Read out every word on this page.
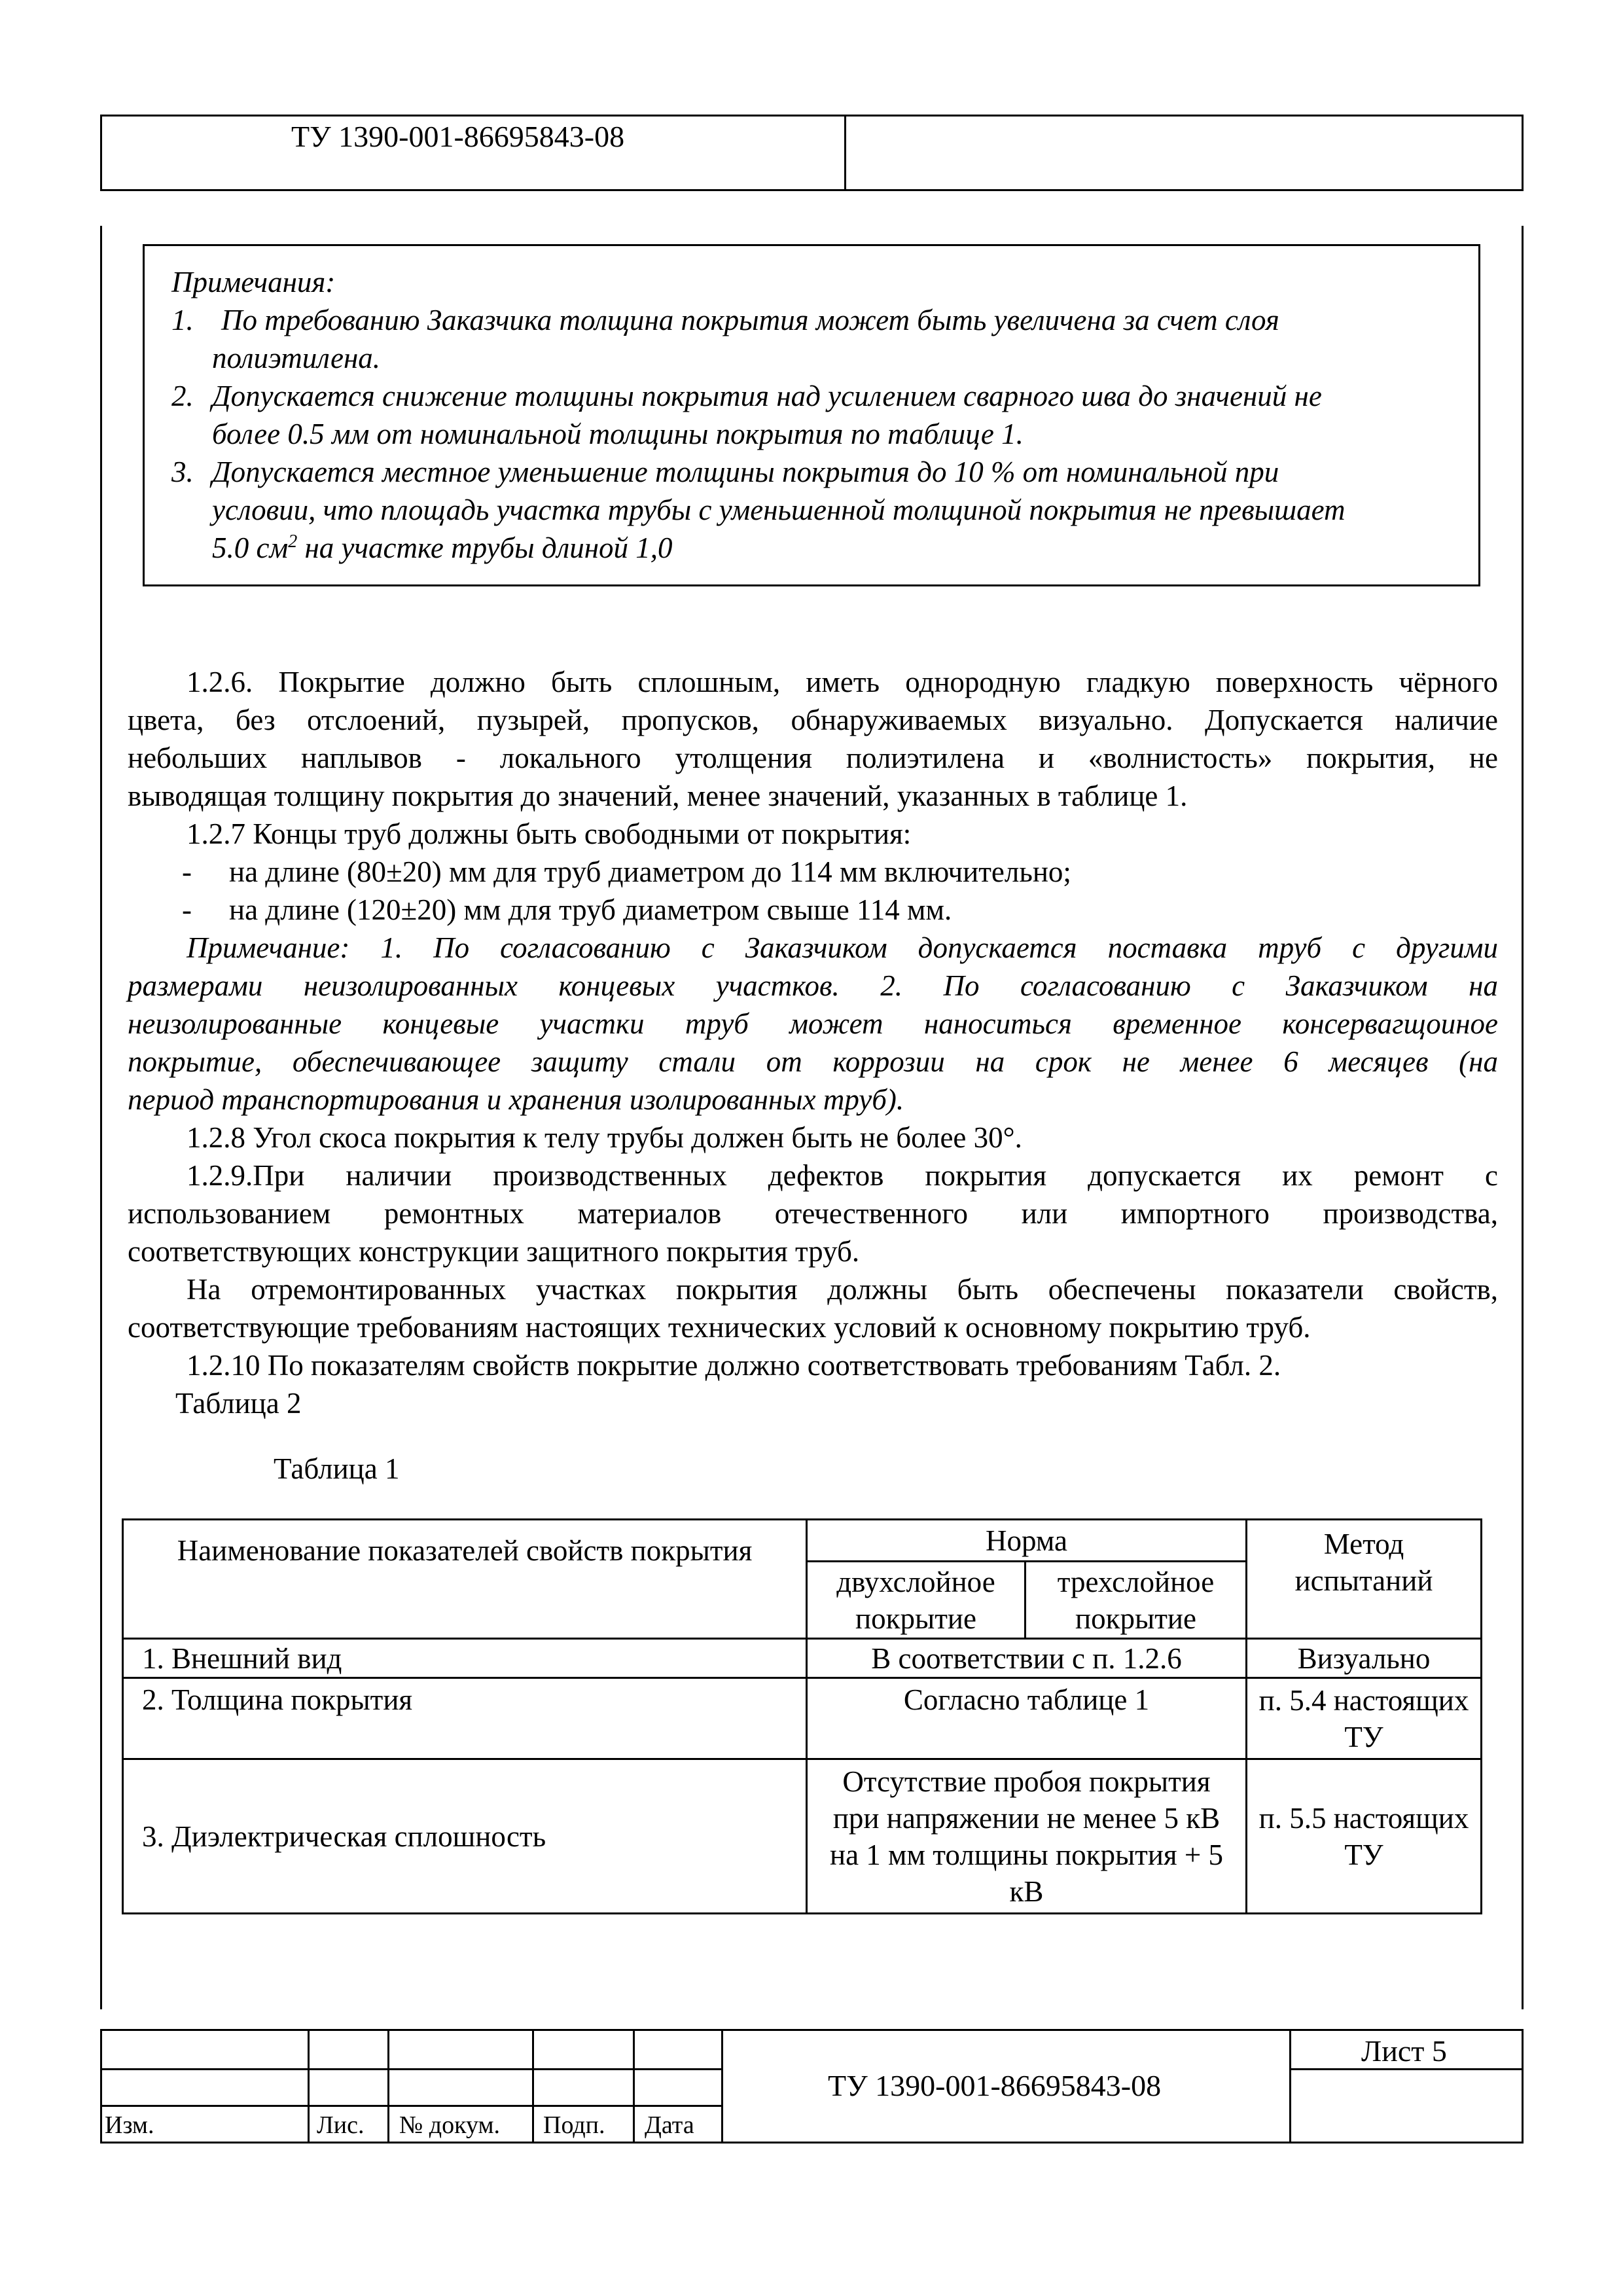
ТУ 1390-001-86695843-08
Примечания:
1. По требованию Заказчика толщина покрытия может быть увеличена за счет слоя
полиэтилена.
2. Допускается снижение толщины покрытия над усилением сварного шва до значений не
более 0.5 мм от номинальной толщины покрытия по таблице 1.
3. Допускается местное уменьшение толщины покрытия до 10 % от номинальной при
условии, что площадь участка трубы с уменьшенной толщиной покрытия не превышает
5.0 $см^2$ на участке трубы длиной 1,0
1.2.6. Покрытие должно быть сплошным, иметь однородную гладкую поверхность чёрного
цвета, без отслоений, пузырей, пропусков, обнаруживаемых визуально. Допускается наличие
небольших наплывов - локального утолщения полиэтилена и «волнистость» покрытия, не
выводящая толщину покрытия до значений, менее значений, указанных в таблице 1.
1.2.7 Концы труб должны быть свободными от покрытия:
- на длине (80±20) мм для труб диаметром до 114 мм включительно;
- на длине (120±20) мм для труб диаметром свыше 114 мм.
Примечание: 1. По согласованию с Заказчиком допускается поставка труб с другими
размерами неизолированных концевых участков. 2. По согласованию с Заказчиком на
неизолированные концевые участки труб может наноситься временное консервагщоиное
покрытие, обеспечивающее защиту стали от коррозии на срок не менее 6 месяцев (на
период транспортирования и хранения изолированных труб).
1.2.8 Угол скоса покрытия к телу трубы должен быть не более 30°.
1.2.9.При наличии производственных дефектов покрытия допускается их ремонт с
использованием ремонтных материалов отечественного или импортного производства,
соответствующих конструкции защитного покрытия труб.
На отремонтированных участках покрытия должны быть обеспечены показатели свойств,
соответствующие требованиям настоящих технических условий к основному покрытию труб.
1.2.10 По показателям свойств покрытие должно соответствовать требованиям Табл. 2.
Таблица 2
Таблица 1
Наименование показателей свойств покрытия	Норма		Метод испытаний
	двухслойное покрытие	трехслойное покрытие	
1. Внешний вид	В соответствии с п. 1.2.6		Визуально
2. Толщина покрытия	Согласно таблице 1		п. 5.4 настоящих ТУ
3. Диэлектрическая сплошность	Отсутствие пробоя покрытия при напряжении не менее 5 кВ на 1 мм толщины покрытия + 5 кВ		п. 5.5 настоящих ТУ
Изм.	Лис. № докум. Подп. Дата
ТУ 1390-001-86695843-08
Лист 5
